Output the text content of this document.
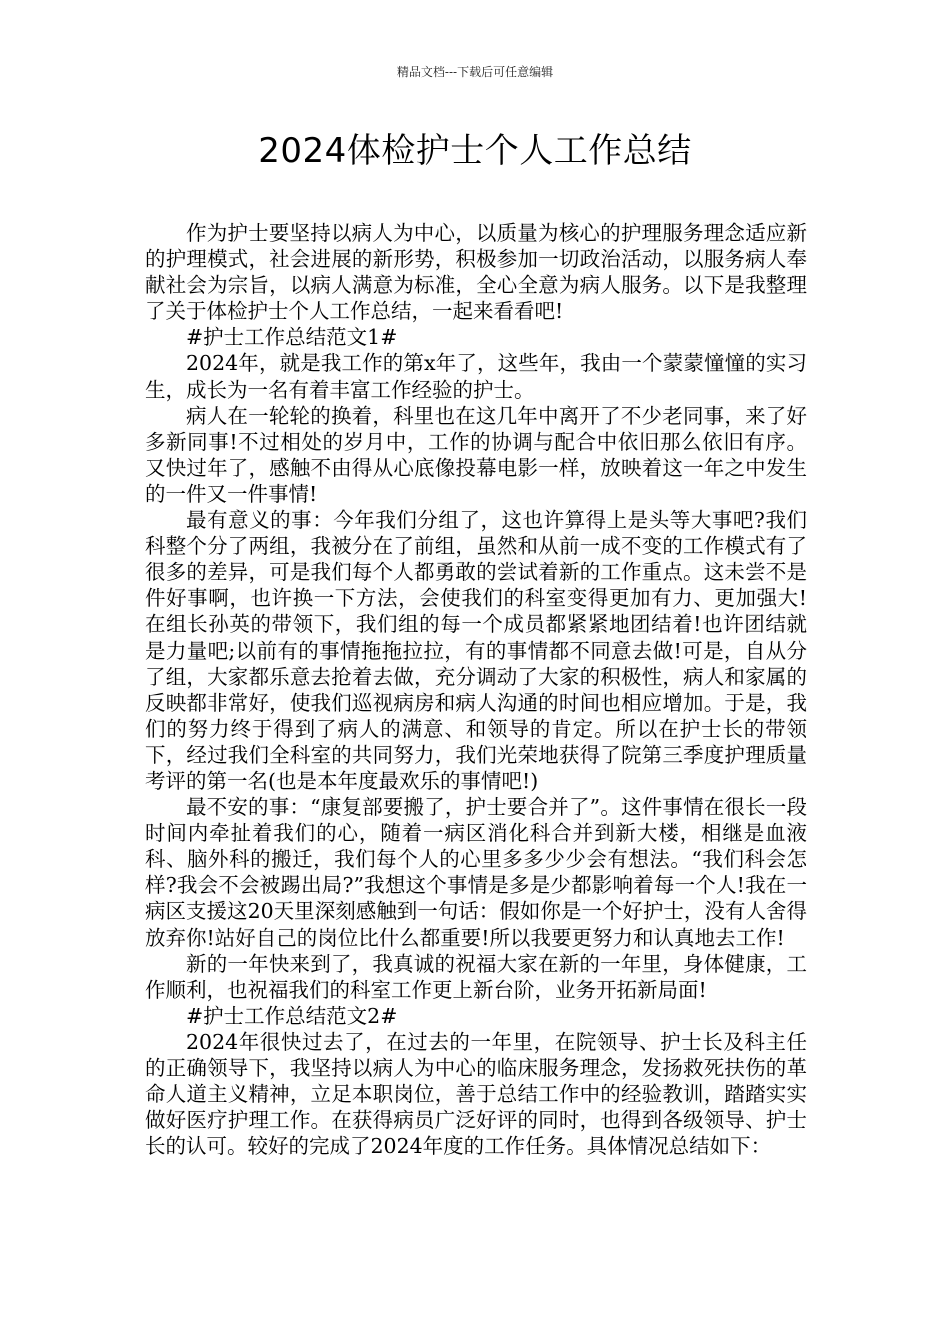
精品文档---下载后可任意编辑
2024体检护士个人工作总结

作为护士要坚持以病人为中心，以质量为核心的护理服务理念适应新的护理模式，社会进展的新形势，积极参加一切政治活动，以服务病人奉献社会为宗旨，以病人满意为标准，全心全意为病人服务。以下是我整理了关于体检护士个人工作总结，一起来看看吧!

#护士工作总结范文1#

2024年，就是我工作的第x年了，这些年，我由一个蒙蒙憧憧的实习生，成长为一名有着丰富工作经验的护士。

病人在一轮轮的换着，科里也在这几年中离开了不少老同事，来了好多新同事!不过相处的岁月中，工作的协调与配合中依旧那么依旧有序。又快过年了，感触不由得从心底像投幕电影一样，放映着这一年之中发生的一件又一件事情!

最有意义的事：今年我们分组了，这也许算得上是头等大事吧?我们科整个分了两组，我被分在了前组，虽然和从前一成不变的工作模式有了很多的差异，可是我们每个人都勇敢的尝试着新的工作重点。这未尝不是件好事啊，也许换一下方法，会使我们的科室变得更加有力、更加强大!在组长孙英的带领下，我们组的每一个成员都紧紧地团结着!也许团结就是力量吧;以前有的事情拖拖拉拉，有的事情都不同意去做!可是，自从分了组，大家都乐意去抢着去做，充分调动了大家的积极性，病人和家属的反映都非常好，使我们巡视病房和病人沟通的时间也相应增加。于是，我们的努力终于得到了病人的满意、和领导的肯定。所以在护士长的带领下，经过我们全科室的共同努力，我们光荣地获得了院第三季度护理质量考评的第一名(也是本年度最欢乐的事情吧!)

最不安的事：“康复部要搬了，护士要合并了”。这件事情在很长一段时间内牵扯着我们的心，随着一病区消化科合并到新大楼，相继是血液科、脑外科的搬迁，我们每个人的心里多多少少会有想法。“我们科会怎样?我会不会被踢出局?”我想这个事情是多是少都影响着每一个人!我在一病区支援这20天里深刻感触到一句话：假如你是一个好护士，没有人舍得放弃你!站好自己的岗位比什么都重要!所以我要更努力和认真地去工作!

新的一年快来到了，我真诚的祝福大家在新的一年里，身体健康，工作顺利，也祝福我们的科室工作更上新台阶，业务开拓新局面!

#护士工作总结范文2#

2024年很快过去了，在过去的一年里，在院领导、护士长及科主任的正确领导下，我坚持以病人为中心的临床服务理念，发扬救死扶伤的革命人道主义精神，立足本职岗位，善于总结工作中的经验教训，踏踏实实做好医疗护理工作。在获得病员广泛好评的同时，也得到各级领导、护士长的认可。较好的完成了2024年度的工作任务。具体情况总结如下：
